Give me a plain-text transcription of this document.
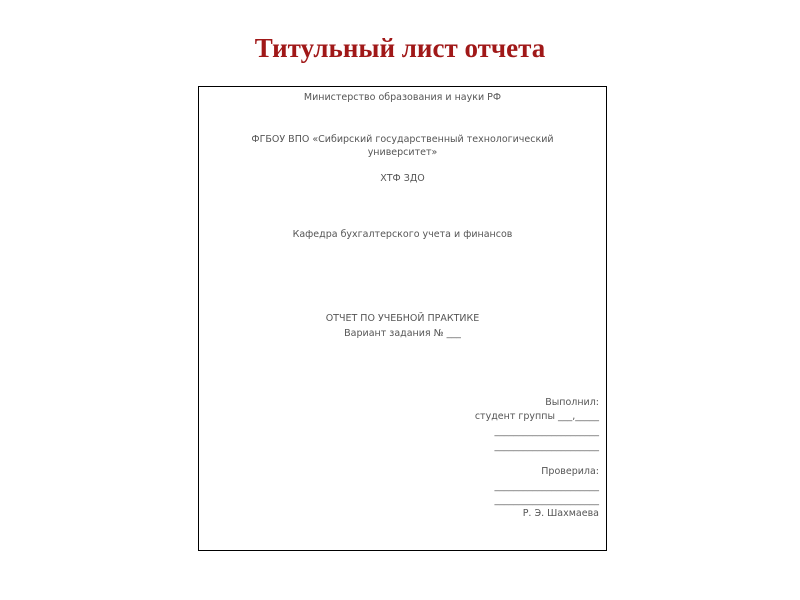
Титульный лист отчета
Министерство образования и науки РФ
ФГБОУ ВПО «Сибирский государственный технологический университет»
ХТФ ЗДО
Кафедра бухгалтерского учета и финансов
ОТЧЕТ ПО УЧЕБНОЙ ПРАКТИКЕ
Вариант задания № ___
Выполнил:
студент группы ___,_____
______________________
______________________
Проверила:
______________________
______________________
Р. Э. Шахмаева
